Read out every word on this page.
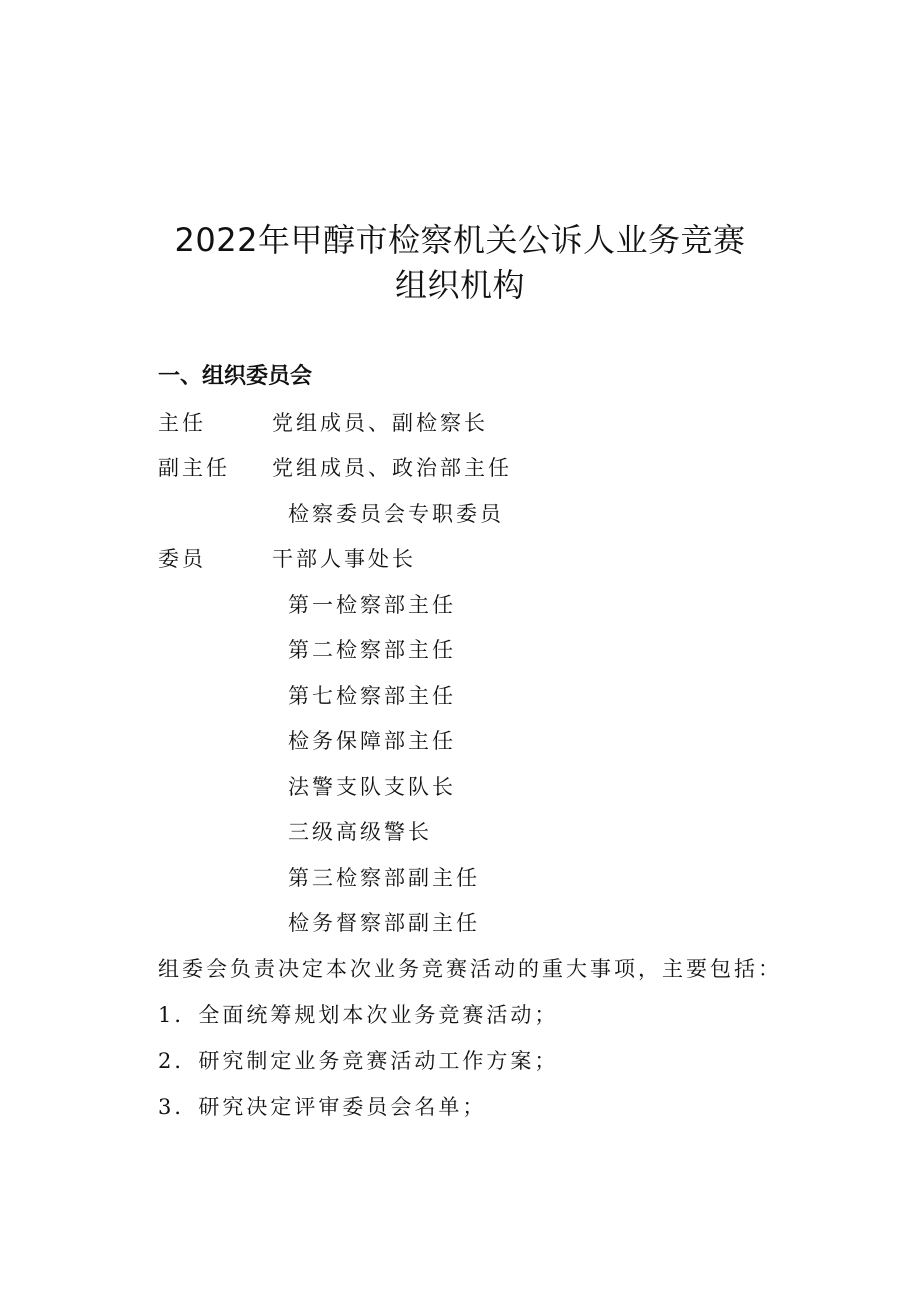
2022年甲醇市检察机关公诉人业务竞赛
组织机构
一、组织委员会
主任	党组成员、副检察长
副主任 党组成员、政治部主任
检察委员会专职委员
委员	干部人事处长
第一检察部主任
第二检察部主任
第七检察部主任
检务保障部主任
法警支队支队长
三级高级警长
第三检察部副主任
检务督察部副主任
组委会负责决定本次业务竞赛活动的重大事项，主要包括：
1．全面统筹规划本次业务竞赛活动；
2．研究制定业务竞赛活动工作方案；
3．研究决定评审委员会名单；
